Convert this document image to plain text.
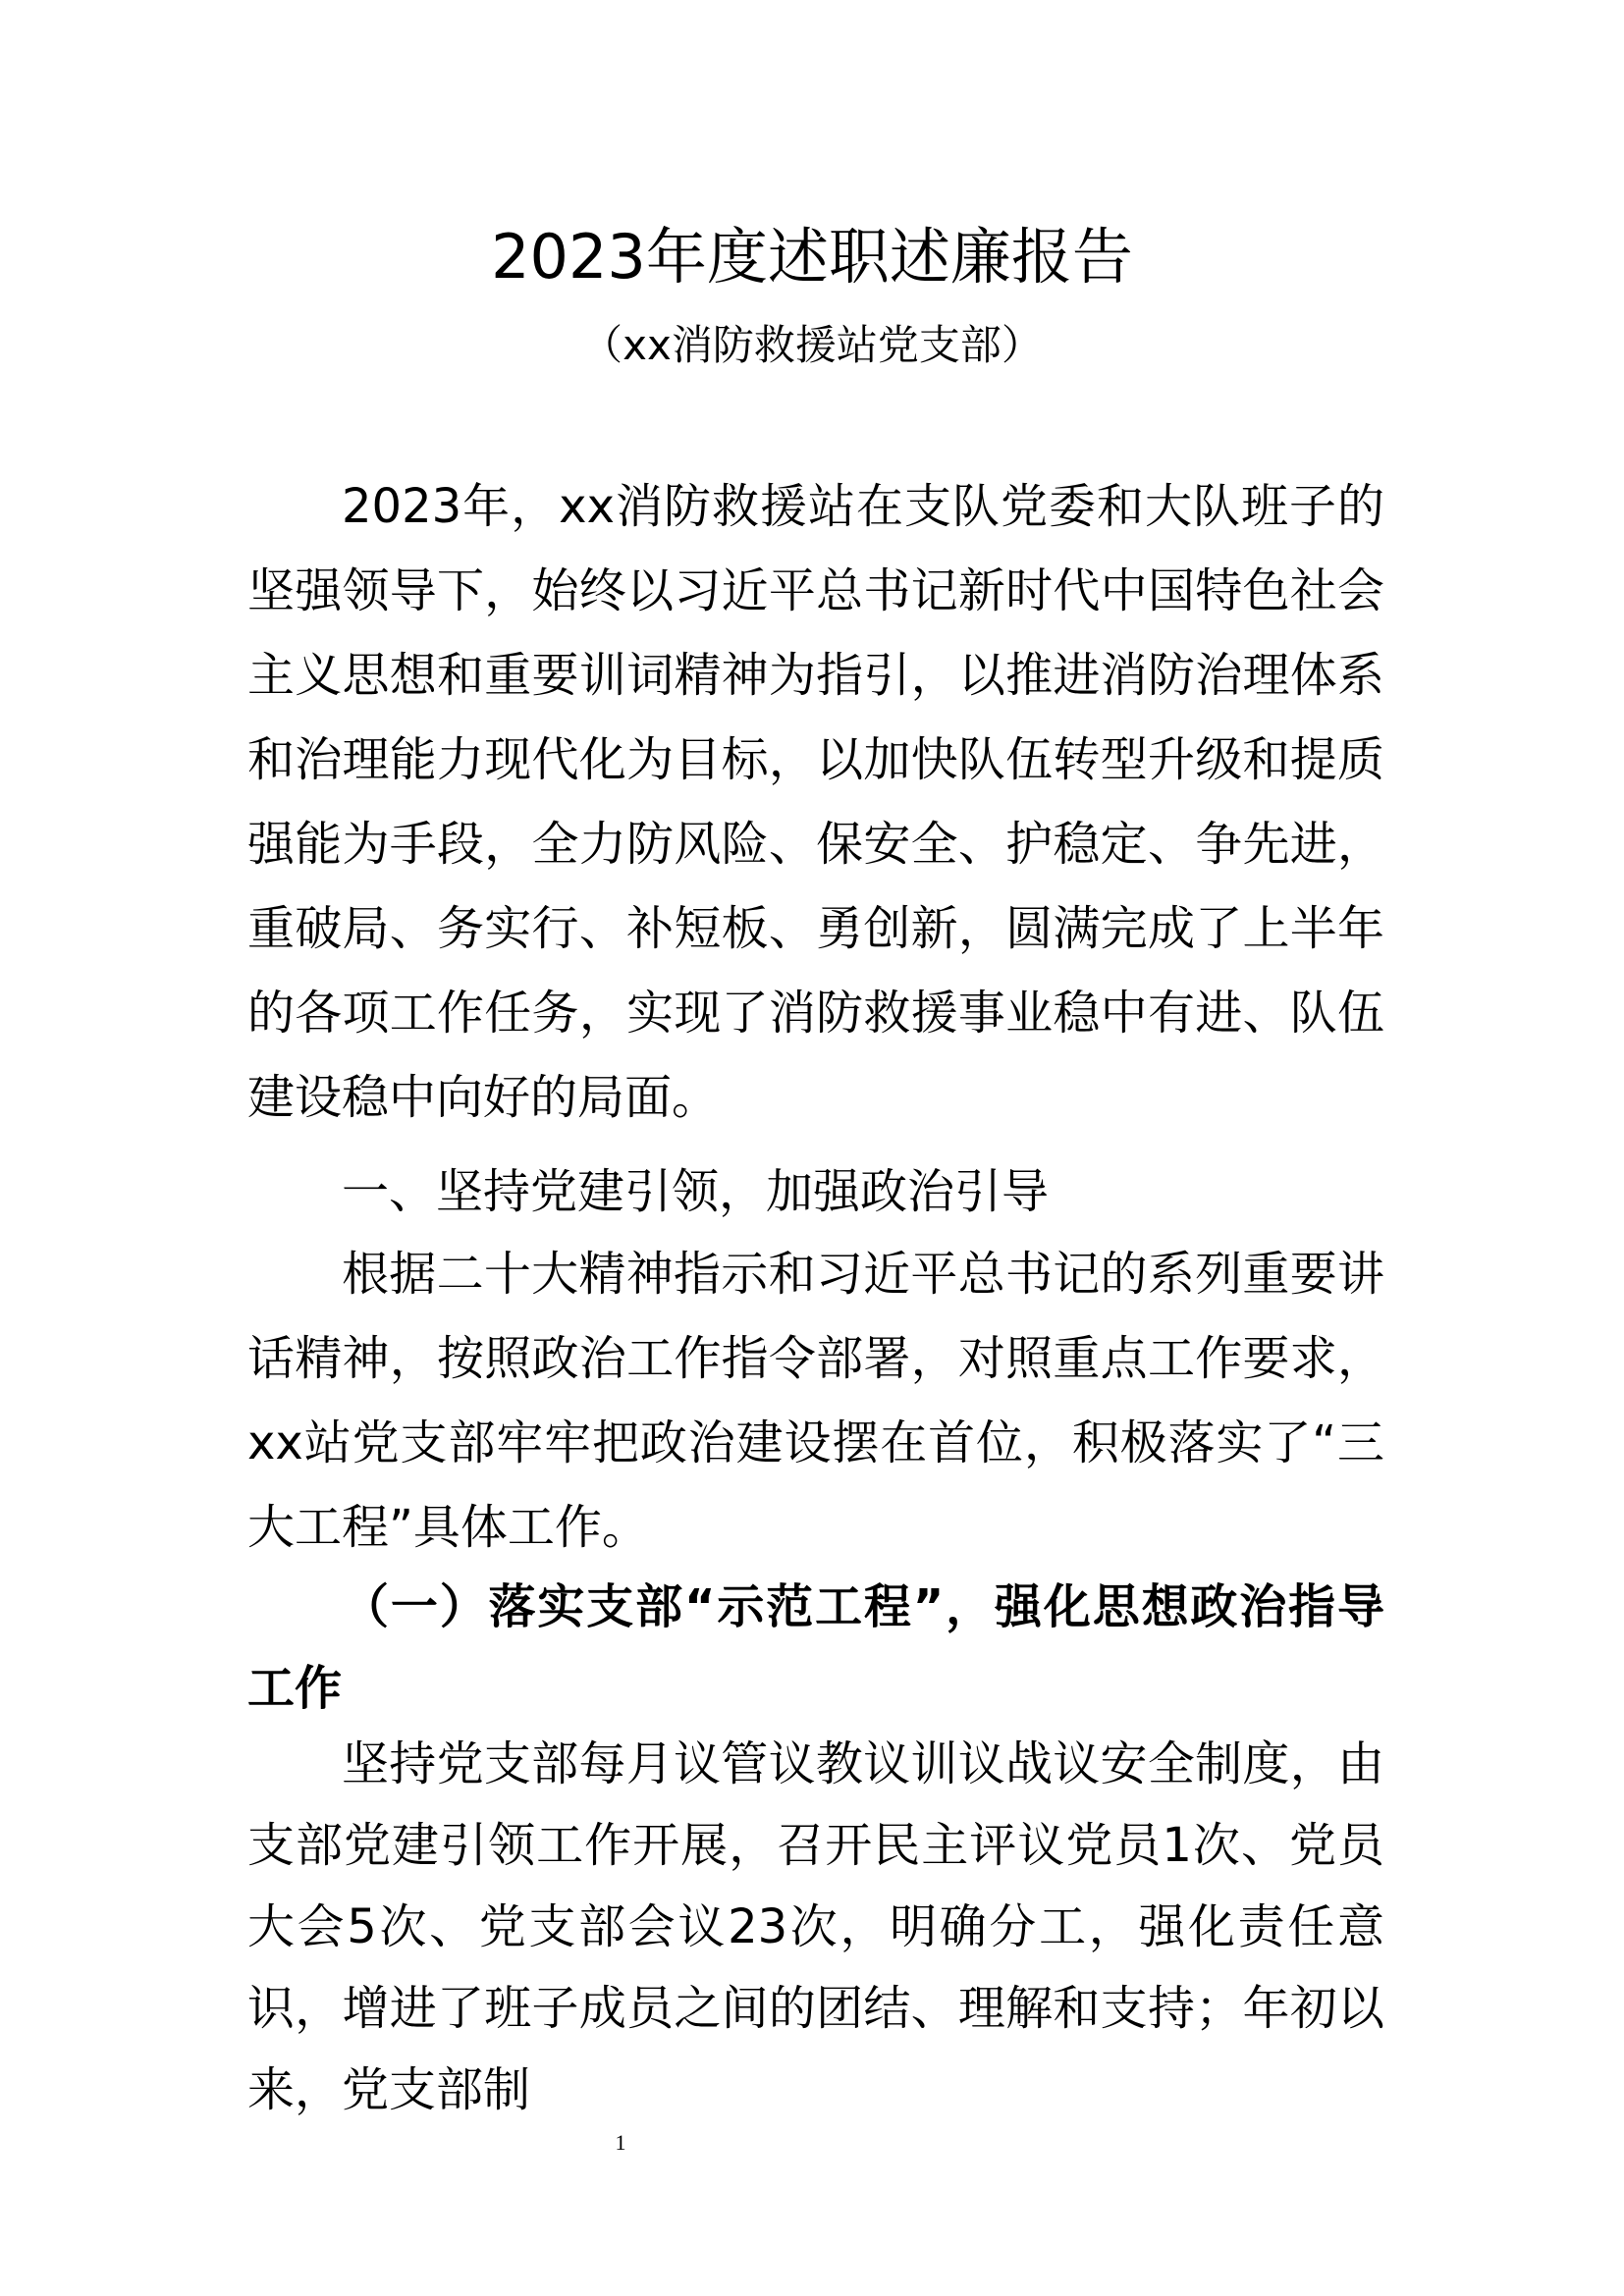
2023年度述职述廉报告
（xx消防救援站党支部）

2023年，xx消防救援站在支队党委和大队班子的坚强领导下，始终以习近平总书记新时代中国特色社会主义思想和重要训词精神为指引，以推进消防治理体系和治理能力现代化为目标，以加快队伍转型升级和提质强能为手段，全力防风险、保安全、护稳定、争先进，重破局、务实行、补短板、勇创新，圆满完成了上半年的各项工作任务，实现了消防救援事业稳中有进、队伍建设稳中向好的局面。

一、坚持党建引领，加强政治引导

根据二十大精神指示和习近平总书记的系列重要讲话精神，按照政治工作指令部署，对照重点工作要求，xx站党支部牢牢把政治建设摆在首位，积极落实了“三大工程”具体工作。

（一）落实支部“示范工程”，强化思想政治指导工作

坚持党支部每月议管议教议训议战议安全制度，由支部党建引领工作开展，召开民主评议党员1次、党员大会5次、党支部会议23次，明确分工，强化责任意识，增进了班子成员之间的团结、理解和支持；年初以来，党支部制

1
